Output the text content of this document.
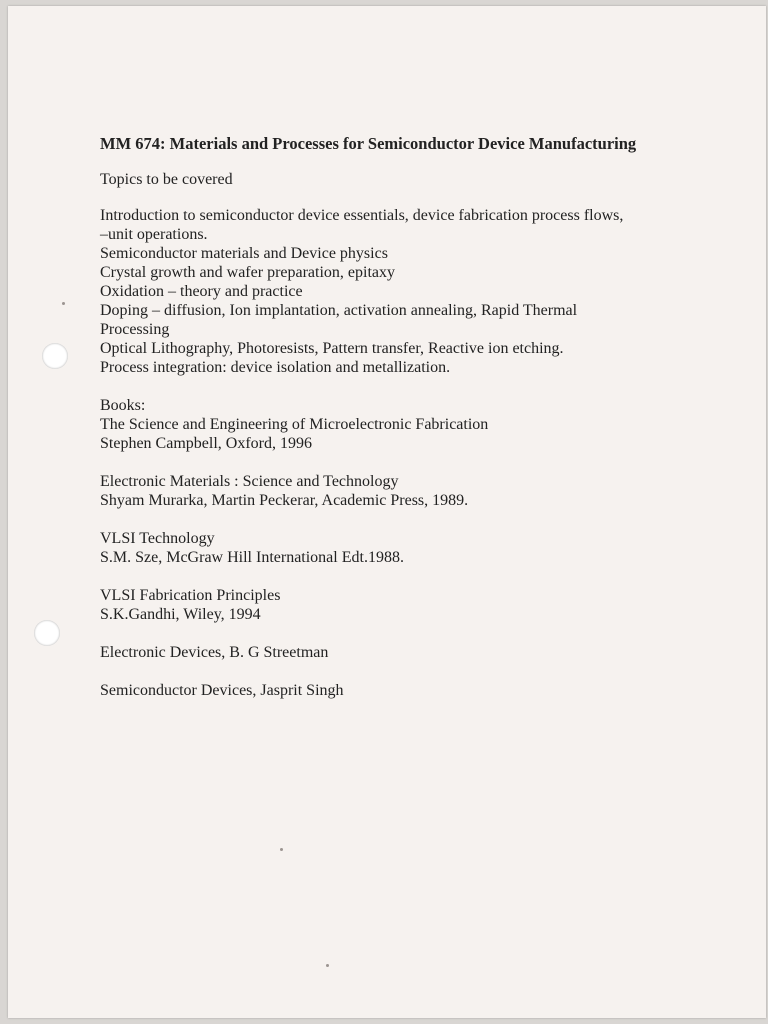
MM 674: Materials and Processes for Semiconductor Device Manufacturing
Topics to be covered
Introduction to semiconductor device essentials, device fabrication process flows,
–unit operations.
Semiconductor materials and Device physics
Crystal growth and wafer preparation, epitaxy
Oxidation – theory and practice
Doping – diffusion, Ion implantation, activation annealing, Rapid Thermal
Processing
Optical Lithography, Photoresists, Pattern transfer, Reactive ion etching.
Process integration: device isolation and metallization.
Books:
The Science and Engineering of Microelectronic Fabrication
Stephen Campbell, Oxford, 1996
Electronic Materials : Science and Technology
Shyam Murarka, Martin Peckerar, Academic Press, 1989.
VLSI Technology
S.M. Sze, McGraw Hill International Edt.1988.
VLSI Fabrication Principles
S.K.Gandhi, Wiley, 1994
Electronic Devices, B. G Streetman
Semiconductor Devices, Jasprit Singh
